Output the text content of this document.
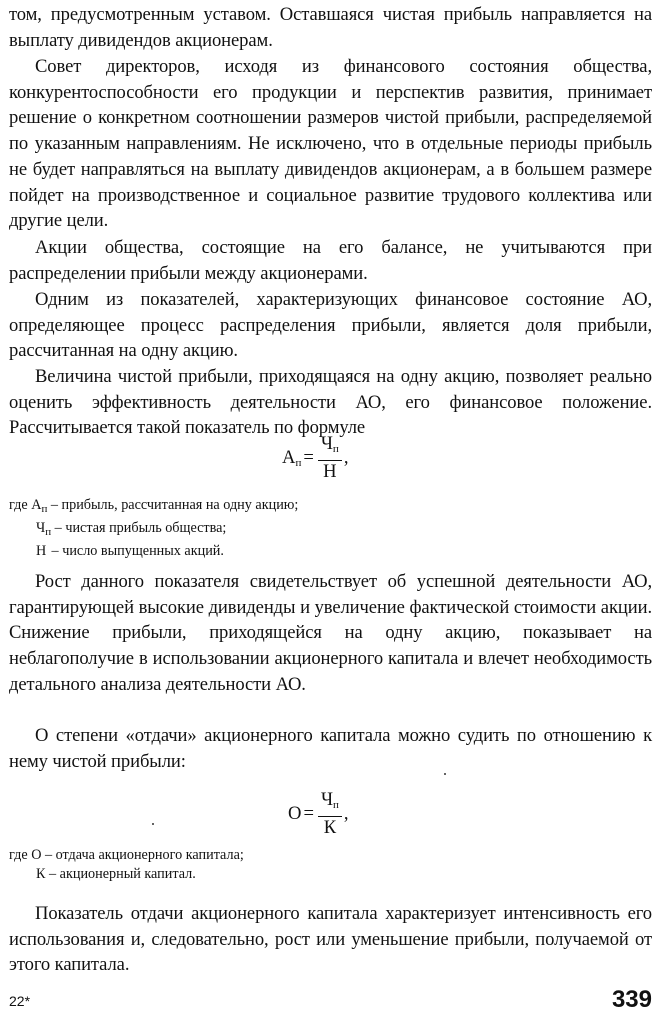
том, предусмотренным уставом. Оставшаяся чистая прибыль направляется на выплату дивидендов акционерам.

Совет директоров, исходя из финансового состояния общества, конкурентоспособности его продукции и перспектив развития, принимает решение о конкретном соотношении размеров чистой прибыли, распределяемой по указанным направлениям. Не исключено, что в отдельные периоды прибыль не будет направляться на выплату дивидендов акционерам, а в большем размере пойдет на производственное и социальное развитие трудового коллектива или другие цели.

Акции общества, состоящие на его балансе, не учитываются при распределении прибыли между акционерами.

Одним из показателей, характеризующих финансовое состояние АО, определяющее процесс распределения прибыли, является доля прибыли, рассчитанная на одну акцию.

Величина чистой прибыли, приходящаяся на одну акцию, позволяет реально оценить эффективность деятельности АО, его финансовое положение. Рассчитывается такой показатель по формуле

$А_п = \frac{Ч_п}{Н}$ ,
где $А_п$ – прибыль, рассчитанная на одну акцию;
$Ч_п$ – чистая прибыль общества;
Н – число выпущенных акций.

Рост данного показателя свидетельствует об успешной деятельности АО, гарантирующей высокие дивиденды и увеличение фактической стоимости акции. Снижение прибыли, приходящейся на одну акцию, показывает на неблагополучие в использовании акционерного капитала и влечет необходимость детального анализа деятельности АО.

О степени «отдачи» акционерного капитала можно судить по отношению к нему чистой прибыли:

$О = \frac{Ч_п}{К}$ ,
где О – отдача акционерного капитала;
К – акционерный капитал.

Показатель отдачи акционерного капитала характеризует интенсивность его использования и, следовательно, рост или уменьшение прибыли, получаемой от этого капитала.

22*	339
